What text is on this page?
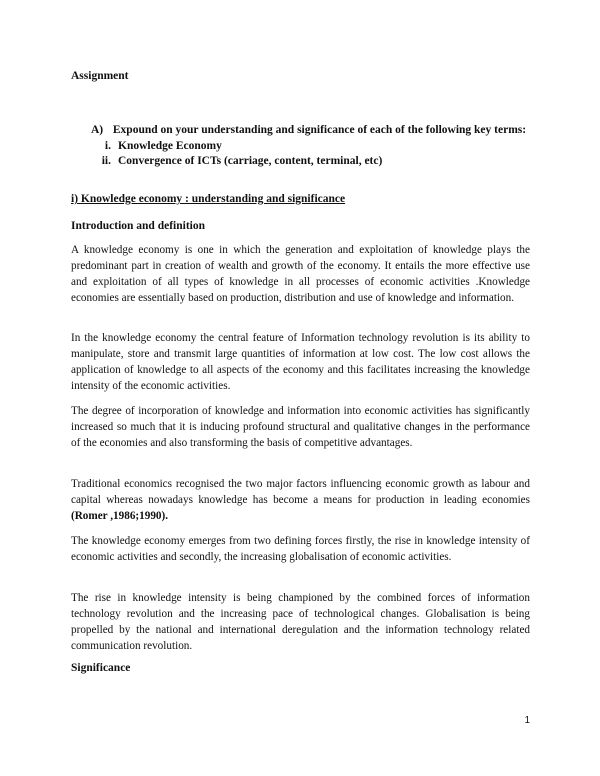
Assignment
A) Expound on your understanding and significance of each of the following key terms:
i. Knowledge Economy
ii. Convergence of ICTs (carriage, content, terminal, etc)
i) Knowledge economy : understanding and significance
Introduction and definition
A knowledge economy is one in which the generation and exploitation of knowledge plays the predominant part in creation of wealth and growth of the economy. It entails the more effective use and exploitation of all types of knowledge in all processes of economic activities .Knowledge economies are essentially based on production, distribution and use of knowledge and information.
In the knowledge economy the central feature of Information technology revolution is its ability to manipulate, store and transmit large quantities of information at low cost. The low cost allows the application of knowledge to all aspects of the economy and this facilitates increasing the knowledge intensity of the economic activities.
The degree of incorporation of knowledge and information into economic activities has significantly increased so much that it is inducing profound structural and qualitative changes in the performance of the economies and also transforming the basis of competitive advantages.
Traditional economics recognised the two major factors influencing economic growth as labour and capital whereas nowadays knowledge has become a means for production in leading economies (Romer ,1986;1990).
The knowledge economy emerges from two defining forces firstly, the rise in knowledge intensity of economic activities and secondly, the increasing globalisation of economic activities.
The rise in knowledge intensity is being championed by the combined forces of information technology revolution and the increasing pace of technological changes. Globalisation is being propelled by the national and international deregulation and the information technology related communication revolution.
Significance
1
